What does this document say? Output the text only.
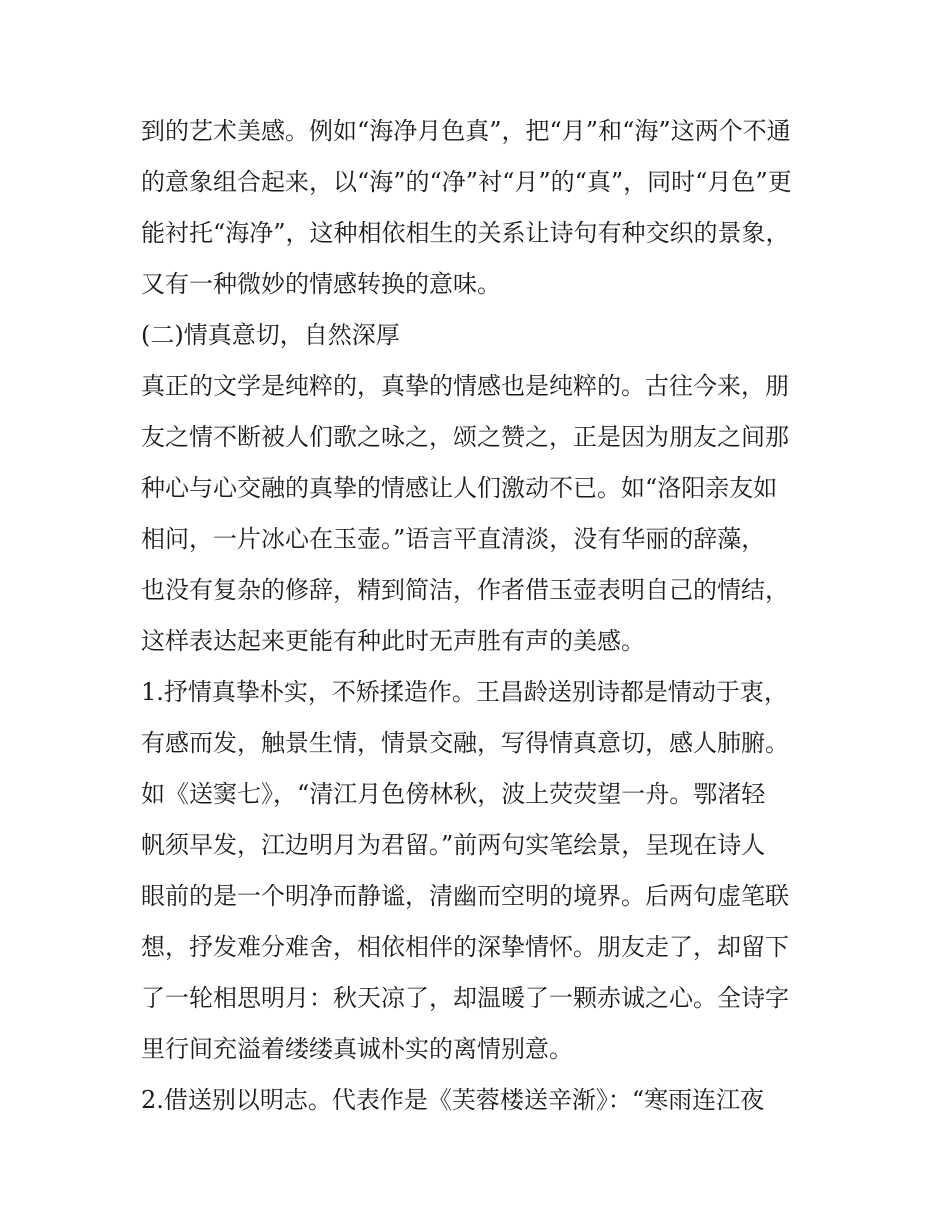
到的艺术美感。例如“海净月色真”，把“月”和“海”这两个不通
的意象组合起来，以“海”的“净”衬“月”的“真”，同时“月色”更
能衬托“海净”，这种相依相生的关系让诗句有种交织的景象，
又有一种微妙的情感转换的意味。
(二)情真意切，自然深厚
真正的文学是纯粹的，真挚的情感也是纯粹的。古往今来，朋
友之情不断被人们歌之咏之，颂之赞之，正是因为朋友之间那
种心与心交融的真挚的情感让人们激动不已。如“洛阳亲友如
相问，一片冰心在玉壶。”语言平直清淡，没有华丽的辞藻，
也没有复杂的修辞，精到简洁，作者借玉壶表明自己的情结，
这样表达起来更能有种此时无声胜有声的美感。
1.抒情真挚朴实，不矫揉造作。王昌龄送别诗都是情动于衷，
有感而发，触景生情，情景交融，写得情真意切，感人肺腑。
如《送窦七》，“清江月色傍林秋，波上荧荧望一舟。鄂渚轻
帆须早发，江边明月为君留。”前两句实笔绘景，呈现在诗人
眼前的是一个明净而静谧，清幽而空明的境界。后两句虚笔联
想，抒发难分难舍，相依相伴的深挚情怀。朋友走了，却留下
了一轮相思明月：秋天凉了，却温暖了一颗赤诚之心。全诗字
里行间充溢着缕缕真诚朴实的离情别意。
2.借送别以明志。代表作是《芙蓉楼送辛渐》：“寒雨连江夜
